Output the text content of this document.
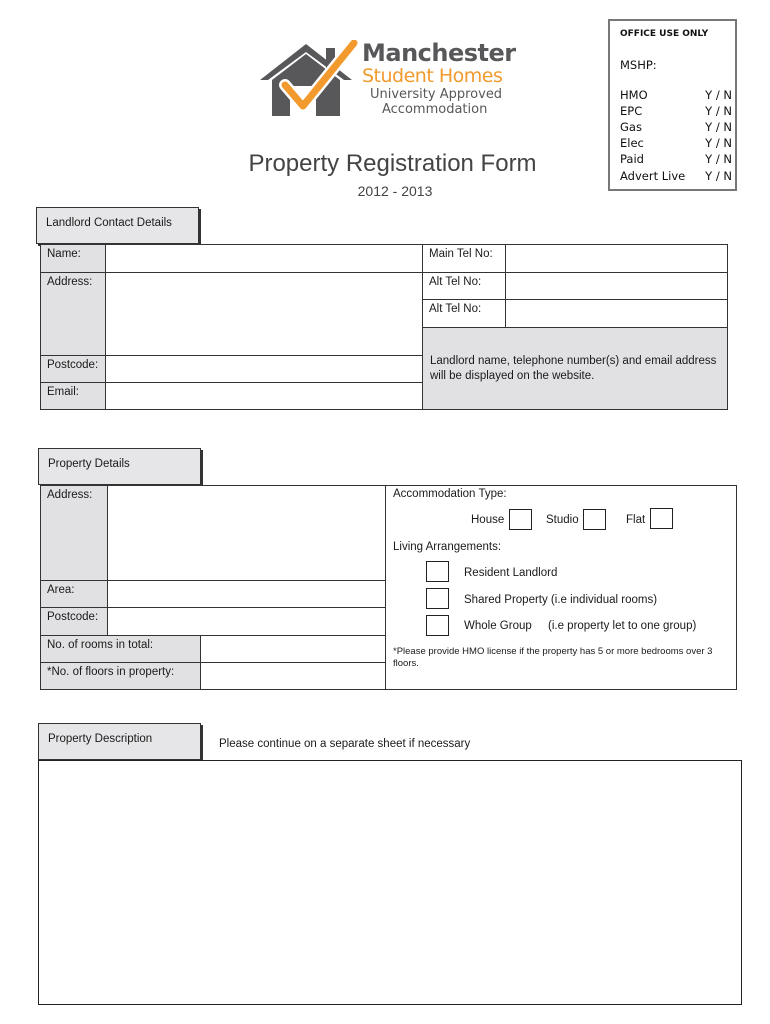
Manchester
Student Homes
University Approved
Accommodation
Property Registration Form
2012 - 2013
OFFICE USE ONLY
MSHP:
HMO	Y / N
EPC	Y / N
Gas	Y / N
Elec	Y / N
Paid	Y / N
Advert Live Y / N
Landlord Contact Details
Name:
Address:
Postcode:
Email:
Main Tel No:
Alt Tel No:
Alt Tel No:
Landlord name, telephone number(s) and email address will be displayed on the website.
Property Details
Address:
Area:
Postcode:
No. of rooms in total:
*No. of floors in property:
Accommodation Type:
House	Studio	Flat
Living Arrangements:
Resident Landlord
Shared Property (i.e individual rooms)
Whole Group (i.e property let to one group)
*Please provide HMO license if the property has 5 or more bedrooms over 3 floors.
Property Description	Please continue on a separate sheet if necessary
